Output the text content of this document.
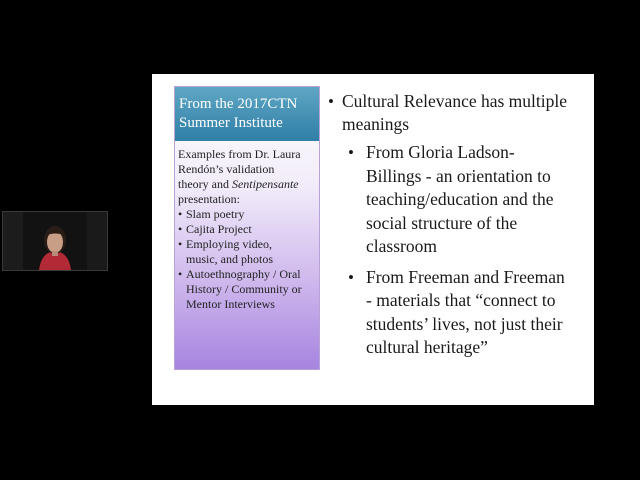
From the 2017CTN
Summer Institute
Examples from Dr. Laura
Rendón’s validation
theory and Sentipensante
presentation:
• Slam poetry
• Cajita Project
• Employing video,
music, and photos
• Autoethnography / Oral
History / Community or
Mentor Interviews
• Cultural Relevance has multiple
meanings
• From Gloria Ladson-
Billings - an orientation to
teaching/education and the
social structure of the
classroom
• From Freeman and Freeman
- materials that “connect to
students’ lives, not just their
cultural heritage”
